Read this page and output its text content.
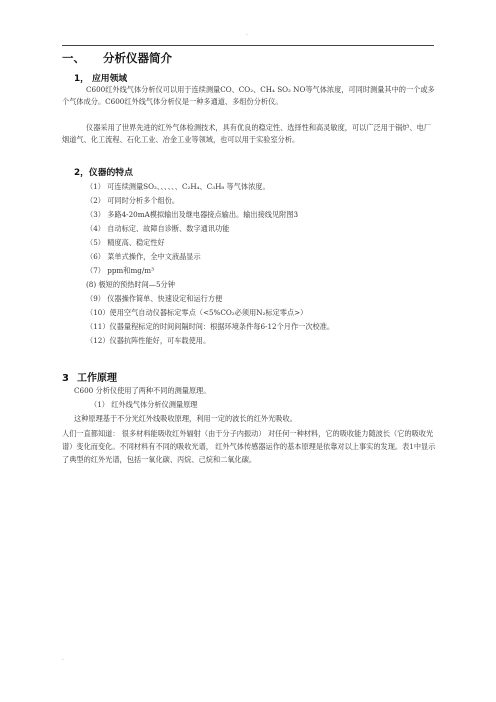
.
一、 分析仪器简介
1， 应用领域
C600红外线气体分析仪可以用于连续测量CO、CO₂、CH₄ SO₂ NO等气体浓度，可同时测量其中的一个或多个气体成分。C600红外线气体分析仪是一种多通道、多组份分析仪。
仪器采用了世界先进的红外气体检测技术，具有优良的稳定性、选择性和高灵敏度，可以广泛用于锅炉、电厂烟道气、化工流程、石化工业、冶金工业等领域，也可以用于实验室分析。
2，仪器的特点
（1） 可连续测量SO₂、、、、、、C₂H₄、C₃H₈ 等气体浓度。
（2） 可同时分析多个组份。
（3） 多路4-20mA模拟输出及继电器接点输出。输出接线见附图3
（4） 自动标定、故障自诊断、数字通讯功能
（5） 精度高、稳定性好
（6） 菜单式操作，全中文液晶显示
（7） ppm和mg/m³
(8) 极短的预热时间—5分钟
（9） 仪器操作简单、快速设定和运行方便
（10）使用空气自动仪器标定零点（<5%CO₂必须用N₂标定零点>）
（11）仪器量程标定的时间间隔时间：根据环境条件每6-12个月作一次校准。
（12）仪器抗阵性能好，可车载使用。
3 工作原理
C600 分析仪使用了两种不同的测量原理。
（1） 红外线气体分析仪测量原理
这种原理基于不分光红外线吸收原理，利用一定的波长的红外光吸收。
人们一直都知道： 很多材料能吸收红外辐射（由于分子内振动） 对任何一种材料，它的吸收能力随波长（它的吸收光谱）变化而变化。不同材料有不同的吸收光谱， 红外气体传感器运作的基本原理是依靠对以上事实的发现。表1中显示了典型的红外光谱，包括一氧化碳、丙烷、己烷和二氧化碳。
.
